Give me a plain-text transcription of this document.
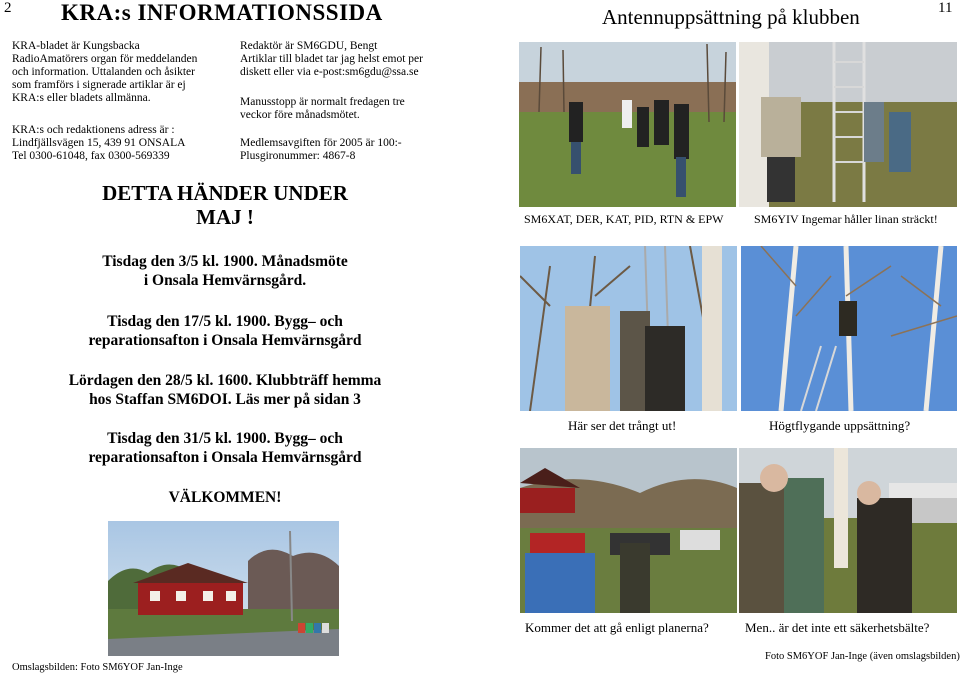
2 KRA:s INFORMATIONSSIDA
KRA-bladet är Kungsbacka
RadioAmatörers organ för meddelanden
och information. Uttalanden och åsikter
som framförs i signerade artiklar är ej
KRA:s eller bladets allmänna.
KRA:s och redaktionens adress är :
Lindfjällsvägen 15, 439 91 ONSALA
Tel 0300-61048, fax 0300-569339
Redaktör är SM6GDU, Bengt
Artiklar till bladet tar jag helst emot per
diskett eller via e-post:sm6gdu@ssa.se
Manusstopp är normalt fredagen tre
veckor före månadsmötet.
Medlemsavgiften för 2005 är 100:-
Plusgironummer: 4867-8
DETTA HÄNDER UNDER
MAJ !
Tisdag den 3/5 kl. 1900. Månadsmöte
i Onsala Hemvärnsgård.
Tisdag den 17/5 kl. 1900. Bygg– och
reparationsafton i Onsala Hemvärnsgård
Lördagen den 28/5 kl. 1600. Klubbträff hemma
hos Staffan SM6DOI. Läs mer på sidan 3
Tisdag den 31/5 kl. 1900. Bygg– och
reparationsafton i Onsala Hemvärnsgård
VÄLKOMMEN!
Omslagsbilden: Foto SM6YOF Jan-Inge
Antennuppsättning på klubben	11
SM6XAT, DER, KAT, PID, RTN & EPW	SM6YIV Ingemar håller linan sträckt!
Här ser det trångt ut!	Högtflygande uppsättning?
Kommer det att gå enligt planerna?	Men.. är det inte ett säkerhetsbälte?
Foto SM6YOF Jan-Inge (även omslagsbilden)
